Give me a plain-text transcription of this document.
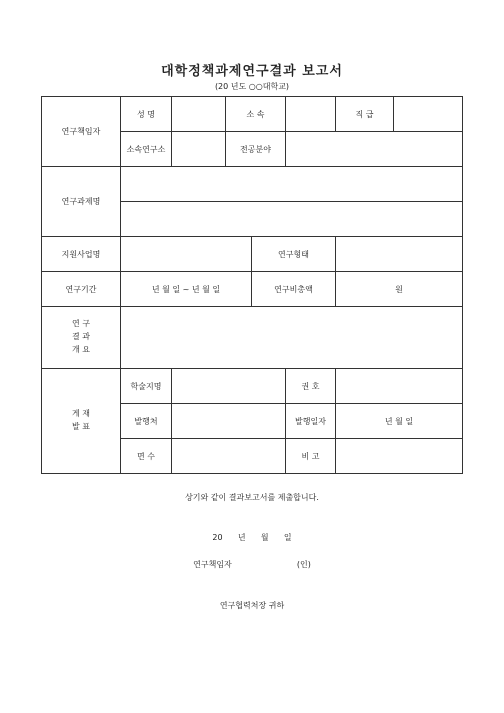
대학정책과제연구결과 보고서
(20 년도 ○○대학교)
연구책임자	성 명		소 속			직 급	
	소속연구소		전공분야				
연구과제명							

지원사업명				연구형태			
연구기간	년 월 일 ~ 년 월 일			연구비총액		원	

연 구
결 과
개 요							

게 재
발 표	학술지명				권 호		
	발행처				발행일자	년 월 일	
	면 수				비 고		
상기와 같이 결과보고서를 제출합니다.
20      년      월      일
연구책임자	(인)
연구협력처장 귀하
